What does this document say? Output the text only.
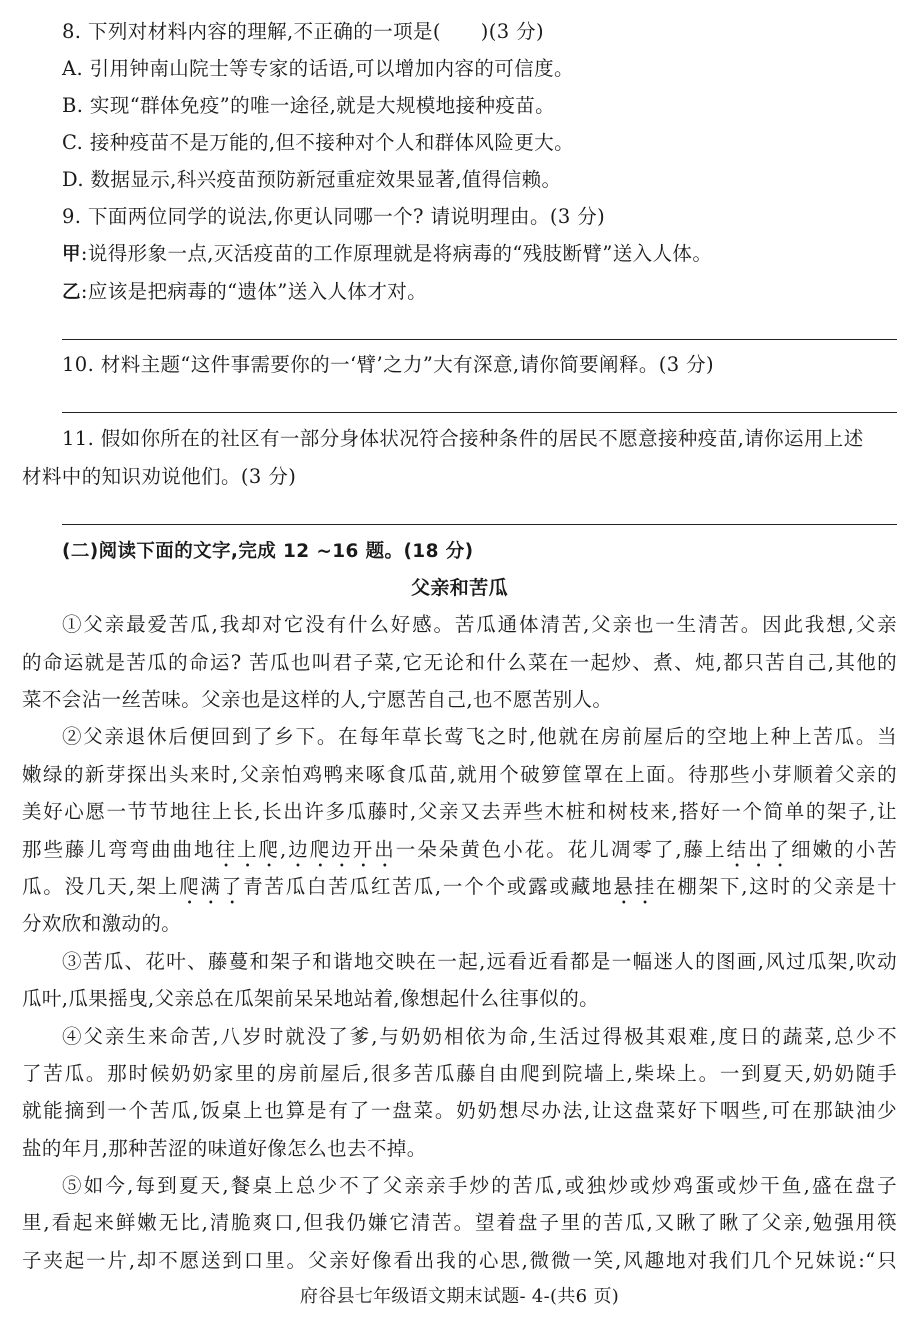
8. 下列对材料内容的理解,不正确的一项是(　　)(3 分)
A. 引用钟南山院士等专家的话语,可以增加内容的可信度。
B. 实现“群体免疫”的唯一途径,就是大规模地接种疫苗。
C. 接种疫苗不是万能的,但不接种对个人和群体风险更大。
D. 数据显示,科兴疫苗预防新冠重症效果显著,值得信赖。
9. 下面两位同学的说法,你更认同哪一个? 请说明理由。(3 分)
甲:说得形象一点,灭活疫苗的工作原理就是将病毒的“残肢断臂”送入人体。
乙:应该是把病毒的“遗体”送入人体才对。
10. 材料主题“这件事需要你的一‘臂’之力”大有深意,请你简要阐释。(3 分)
11. 假如你所在的社区有一部分身体状况符合接种条件的居民不愿意接种疫苗,请你运用上述
材料中的知识劝说他们。(3 分)
(二)阅读下面的文字,完成 12 ~16 题。(18 分)
父亲和苦瓜
①父亲最爱苦瓜,我却对它没有什么好感。苦瓜通体清苦,父亲也一生清苦。因此我想,父亲
的命运就是苦瓜的命运? 苦瓜也叫君子菜,它无论和什么菜在一起炒、煮、炖,都只苦自己,其他的
菜不会沾一丝苦味。父亲也是这样的人,宁愿苦自己,也不愿苦别人。
②父亲退休后便回到了乡下。在每年草长莺飞之时,他就在房前屋后的空地上种上苦瓜。当
嫩绿的新芽探出头来时,父亲怕鸡鸭来啄食瓜苗,就用个破箩筐罩在上面。待那些小芽顺着父亲的
美好心愿一节节地往上长,长出许多瓜藤时,父亲又去弄些木桩和树枝来,搭好一个简单的架子,让
那些藤儿弯弯曲曲地往上爬,边爬边开出一朵朵黄色小花。花儿凋零了,藤上结出了细嫩的小苦
瓜。没几天,架上爬满了青苦瓜白苦瓜红苦瓜,一个个或露或藏地悬挂在棚架下,这时的父亲是十
分欢欣和激动的。
③苦瓜、花叶、藤蔓和架子和谐地交映在一起,远看近看都是一幅迷人的图画,风过瓜架,吹动
瓜叶,瓜果摇曳,父亲总在瓜架前呆呆地站着,像想起什么往事似的。
④父亲生来命苦,八岁时就没了爹,与奶奶相依为命,生活过得极其艰难,度日的蔬菜,总少不
了苦瓜。那时候奶奶家里的房前屋后,很多苦瓜藤自由爬到院墙上,柴垛上。一到夏天,奶奶随手
就能摘到一个苦瓜,饭桌上也算是有了一盘菜。奶奶想尽办法,让这盘菜好下咽些,可在那缺油少
盐的年月,那种苦涩的味道好像怎么也去不掉。
⑤如今,每到夏天,餐桌上总少不了父亲亲手炒的苦瓜,或独炒或炒鸡蛋或炒干鱼,盛在盘子
里,看起来鲜嫩无比,清脆爽口,但我仍嫌它清苦。望着盘子里的苦瓜,又瞅了瞅了父亲,勉强用筷
子夹起一片,却不愿送到口里。父亲好像看出我的心思,微微一笑,风趣地对我们几个兄妹说:“只
府谷县七年级语文期末试题- 4-(共6 页)
